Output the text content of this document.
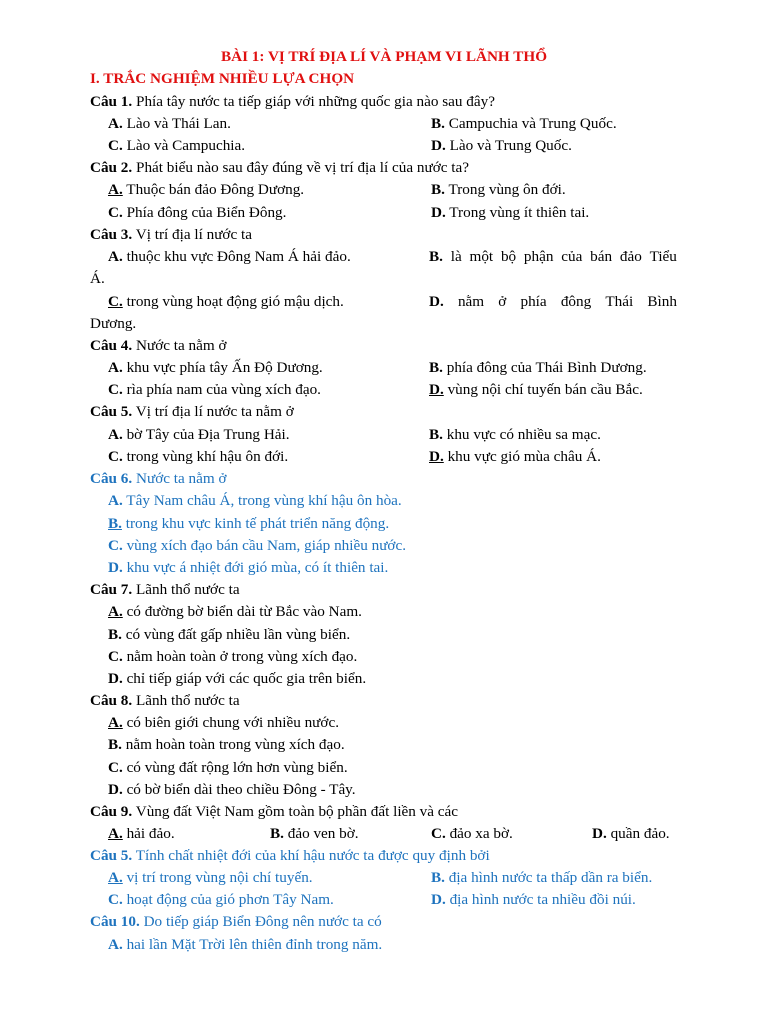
BÀI 1: VỊ TRÍ ĐỊA LÍ VÀ PHẠM VI LÃNH THỔ
I. TRẮC NGHIỆM NHIỀU LỰA CHỌN
Câu 1. Phía tây nước ta tiếp giáp với những quốc gia nào sau đây?
A. Lào và Thái Lan.	B. Campuchia và Trung Quốc.
C. Lào và Campuchia.	D. Lào và Trung Quốc.
Câu 2. Phát biểu nào sau đây đúng về vị trí địa lí của nước ta?
A. Thuộc bán đảo Đông Dương.	B. Trong vùng ôn đới.
C. Phía đông của Biển Đông.	D. Trong vùng ít thiên tai.
Câu 3. Vị trí địa lí nước ta
A. thuộc khu vực Đông Nam Á hải đảo.	B. là một bộ phận của bán đảo Tiểu
Á.
C. trong vùng hoạt động gió mậu dịch.	D. nằm ở phía đông Thái Bình
Dương.
Câu 4. Nước ta nằm ở
A. khu vực phía tây Ấn Độ Dương.	B. phía đông của Thái Bình Dương.
C. rìa phía nam của vùng xích đạo.	D. vùng nội chí tuyến bán cầu Bắc.
Câu 5. Vị trí địa lí nước ta nằm ở
A. bờ Tây của Địa Trung Hải.	B. khu vực có nhiều sa mạc.
C. trong vùng khí hậu ôn đới.	D. khu vực gió mùa châu Á.
Câu 6. Nước ta nằm ở
A. Tây Nam châu Á, trong vùng khí hậu ôn hòa.
B. trong khu vực kinh tế phát triển năng động.
C. vùng xích đạo bán cầu Nam, giáp nhiều nước.
D. khu vực á nhiệt đới gió mùa, có ít thiên tai.
Câu 7. Lãnh thổ nước ta
A. có đường bờ biển dài từ Bắc vào Nam.
B. có vùng đất gấp nhiều lần vùng biển.
C. nằm hoàn toàn ở trong vùng xích đạo.
D. chỉ tiếp giáp với các quốc gia trên biển.
Câu 8. Lãnh thổ nước ta
A. có biên giới chung với nhiều nước.
B. nằm hoàn toàn trong vùng xích đạo.
C. có vùng đất rộng lớn hơn vùng biển.
D. có bờ biển dài theo chiều Đông - Tây.
Câu 9. Vùng đất Việt Nam gồm toàn bộ phần đất liền và các
A. hải đảo.	B. đảo ven bờ.	C. đảo xa bờ.	D. quần đảo.
Câu 5. Tính chất nhiệt đới của khí hậu nước ta được quy định bởi
A. vị trí trong vùng nội chí tuyến.	B. địa hình nước ta thấp dần ra biển.
C. hoạt động của gió phơn Tây Nam.	D. địa hình nước ta nhiều đồi núi.
Câu 10. Do tiếp giáp Biển Đông nên nước ta có
A. hai lần Mặt Trời lên thiên đỉnh trong năm.
